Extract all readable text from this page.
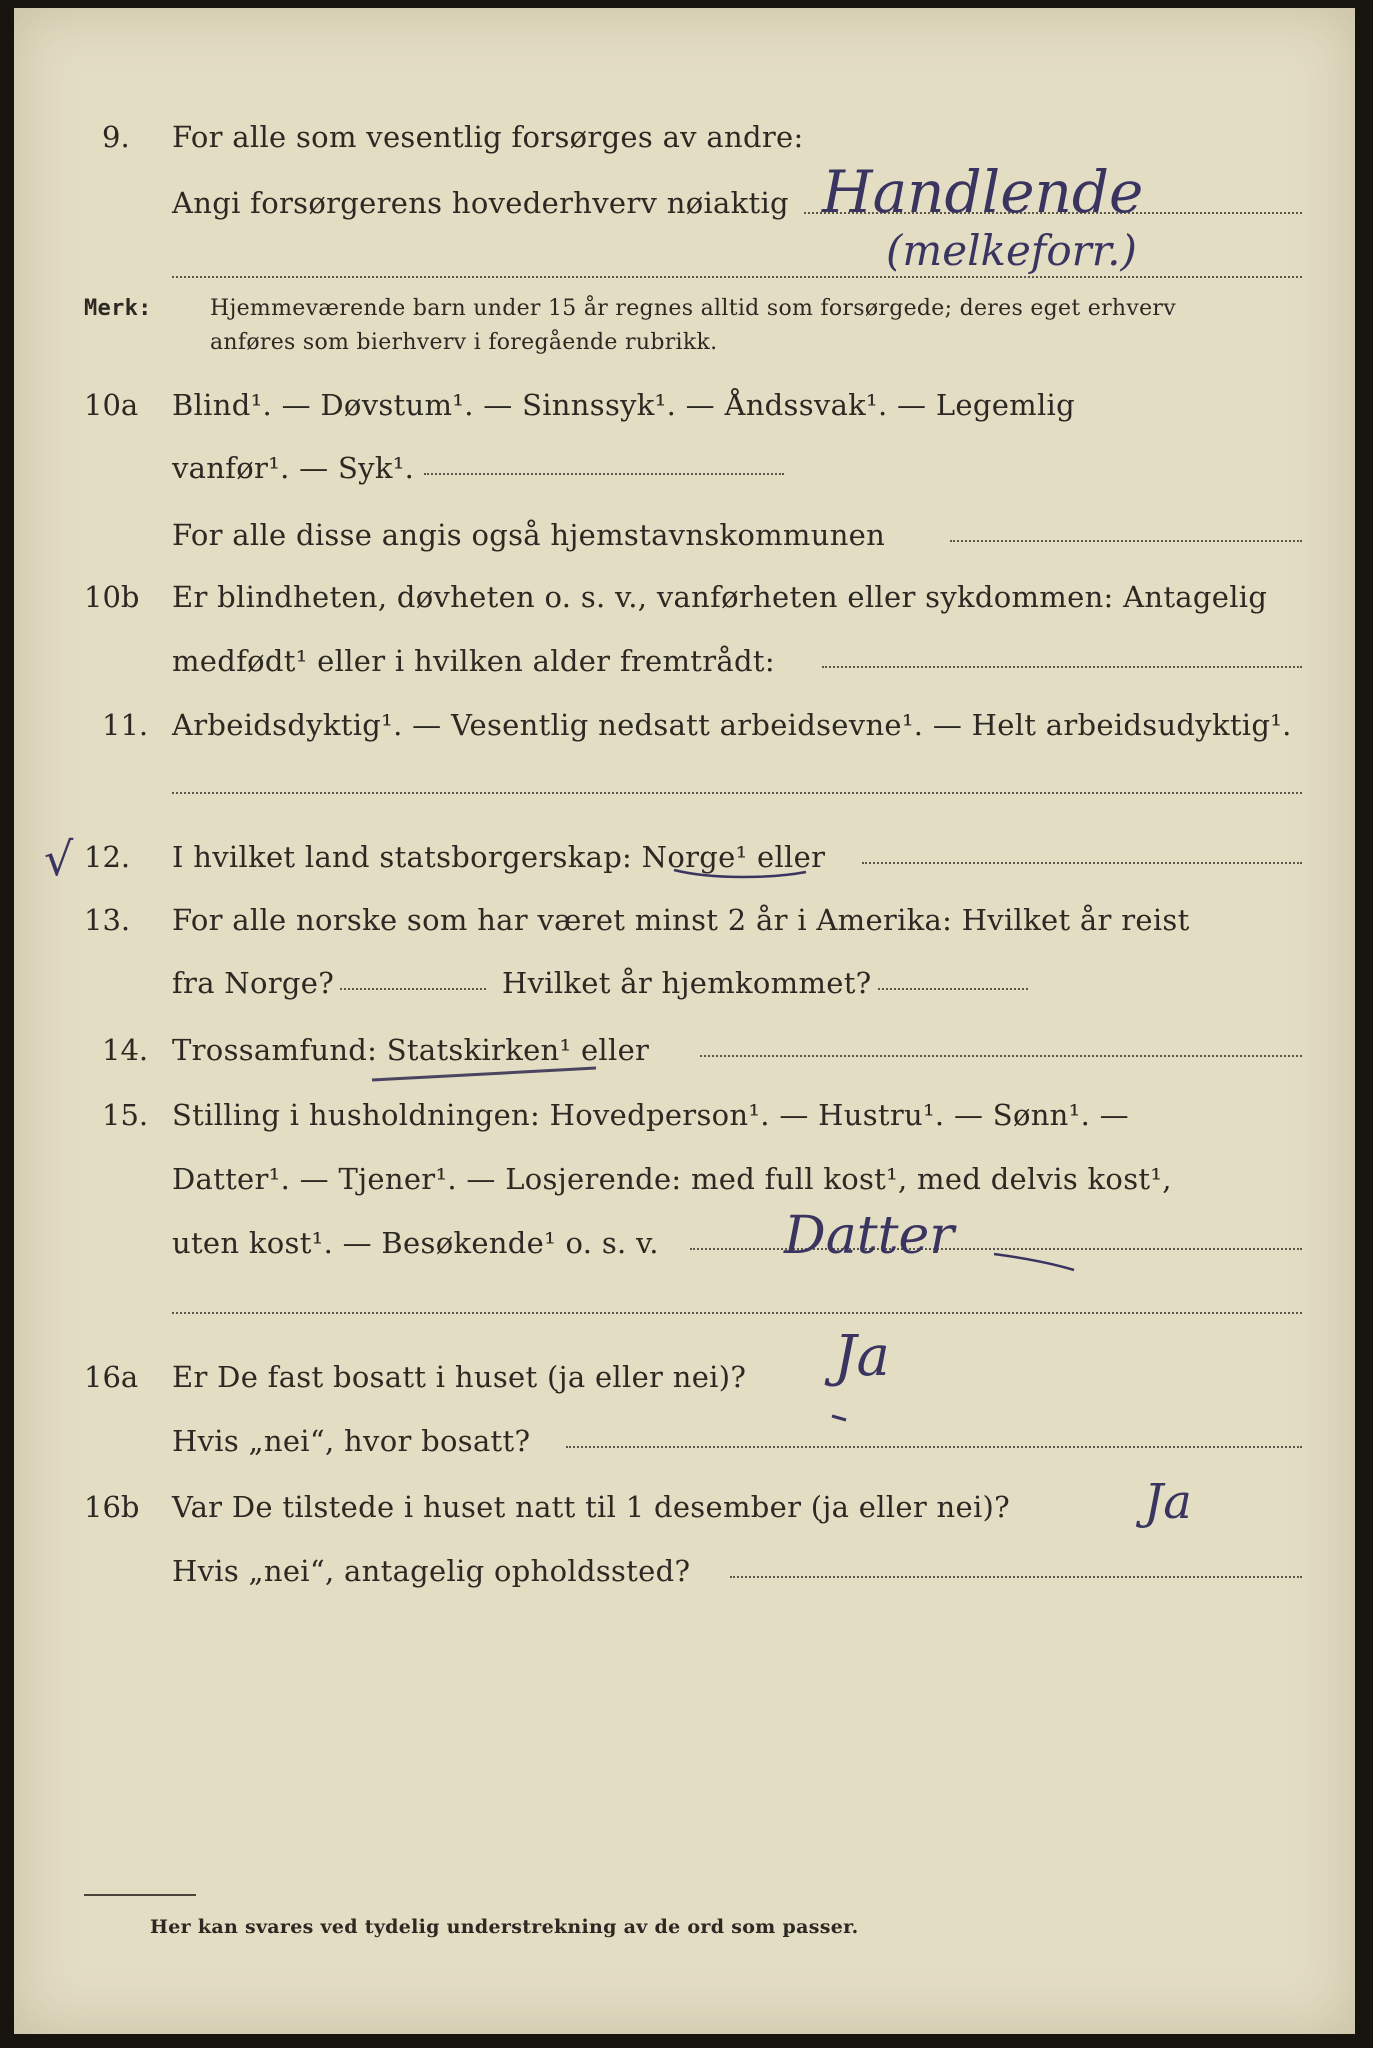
9. For alle som vesentlig forsørges av andre:
Angi forsørgerens hovederhverv nøiaktig Handlende
(melkeforr.)
Merk:	Hjemmeværende barn under 15 år regnes alltid som forsørgede; deres eget erhverv
anføres som bierhverv i foregående rubrikk.
10a Blind¹. — Døvstum¹. — Sinnssyk¹. — Åndssvak¹. — Legemlig
vanfør¹. — Syk¹.
For alle disse angis også hjemstavnskommunen
10b Er blindheten, døvheten o. s. v., vanførheten eller sykdommen: Antagelig
medfødt¹ eller i hvilken alder fremtrådt:
11. Arbeidsdyktig¹. — Vesentlig nedsatt arbeidsevne¹. — Helt arbeidsudyktig¹.
√ 12. I hvilket land statsborgerskap: Norge¹ eller
13. For alle norske som har været minst 2 år i Amerika: Hvilket år reist
fra Norge?	Hvilket år hjemkommet?
14. Trossamfund: Statskirken¹ eller
15. Stilling i husholdningen: Hovedperson¹. — Hustru¹. — Sønn¹. —
Datter¹. — Tjener¹. — Losjerende: med full kost¹, med delvis kost¹,
uten kost¹. — Besøkende¹ o. s. v. Datter
16a Er De fast bosatt i huset (ja eller nei)? Ja
Hvis „nei“, hvor bosatt?
16b Var De tilstede i huset natt til 1 desember (ja eller nei)?	Ja
Hvis „nei“, antagelig opholdssted?
Her kan svares ved tydelig understrekning av de ord som passer.
